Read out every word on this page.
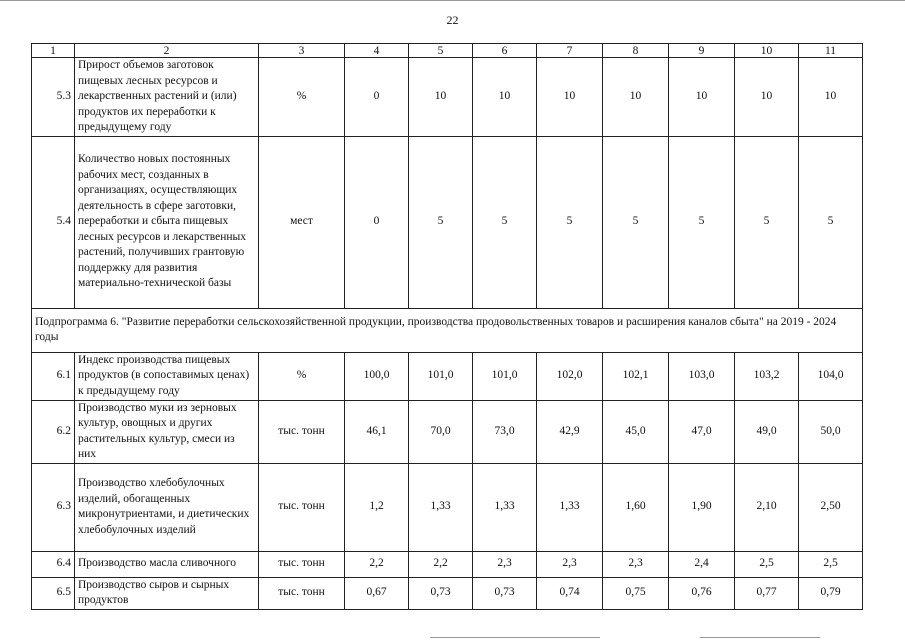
22
1	2	3	4	5	6	7	8	9	10	11
5.3	Прирост объемов заготовок пищевых лесных ресурсов и лекарственных растений и (или) продуктов их переработки к предыдущему году	%	0	10	10	10	10	10	10	10
5.4	Количество новых постоянных рабочих мест, созданных в организациях, осуществляющих деятельность в сфере заготовки, переработки и сбыта пищевых лесных ресурсов и лекарственных растений, получивших грантовую поддержку для развития материально-технической базы	мест	0	5	5	5	5	5	5	5
Подпрограмма 6. "Развитие переработки сельскохозяйственной продукции, производства продовольственных товаров и расширения каналов сбыта" на 2019 - 2024 годы										
6.1	Индекс производства пищевых продуктов (в сопоставимых ценах) к предыдущему году	%	100,0	101,0	101,0	102,0	102,1	103,0	103,2	104,0
6.2	Производство муки из зерновых культур, овощных и других растительных культур, смеси из них	тыс. тонн	46,1	70,0	73,0	42,9	45,0	47,0	49,0	50,0
6.3	Производство хлебобулочных изделий, обогащенных микронутриентами, и диетических хлебобулочных изделий	тыс. тонн	1,2	1,33	1,33	1,33	1,60	1,90	2,10	2,50
6.4	Производство масла сливочного	тыс. тонн	2,2	2,2	2,3	2,3	2,3	2,4	2,5	2,5
6.5	Производство сыров и сырных продуктов	тыс. тонн	0,67	0,73	0,73	0,74	0,75	0,76	0,77	0,79
